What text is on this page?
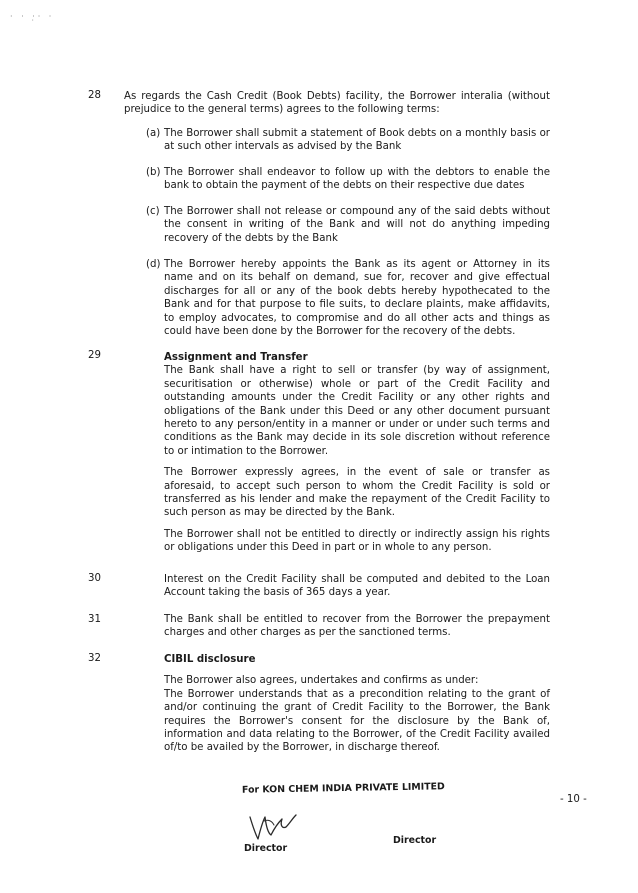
· · ·̣· ·
28 As regards the Cash Credit (Book Debts) facility, the Borrower interalia (without prejudice to the general terms) agrees to the following terms:
(a) The Borrower shall submit a statement of Book debts on a monthly basis or at such other intervals as advised by the Bank
(b) The Borrower shall endeavor to follow up with the debtors to enable the bank to obtain the payment of the debts on their respective due dates
(c) The Borrower shall not release or compound any of the said debts without the consent in writing of the Bank and will not do anything impeding recovery of the debts by the Bank
(d) The Borrower hereby appoints the Bank as its agent or Attorney in its name and on its behalf on demand, sue for, recover and give effectual discharges for all or any of the book debts hereby hypothecated to the Bank and for that purpose to file suits, to declare plaints, make affidavits, to employ advocates, to compromise and do all other acts and things as could have been done by the Borrower for the recovery of the debts.
29	Assignment and Transfer

The Bank shall have a right to sell or transfer (by way of assignment, securitisation or otherwise) whole or part of the Credit Facility and outstanding amounts under the Credit Facility or any other rights and obligations of the Bank under this Deed or any other document pursuant hereto to any person/entity in a manner or under or under such terms and conditions as the Bank may decide in its sole discretion without reference to or intimation to the Borrower.

The Borrower expressly agrees, in the event of sale or transfer as aforesaid, to accept such person to whom the Credit Facility is sold or transferred as his lender and make the repayment of the Credit Facility to such person as may be directed by the Bank.

The Borrower shall not be entitled to directly or indirectly assign his rights or obligations under this Deed in part or in whole to any person.

30	Interest on the Credit Facility shall be computed and debited to the Loan Account taking the basis of 365 days a year.
31	The Bank shall be entitled to recover from the Borrower the prepayment charges and other charges as per the sanctioned terms.
32	CIBIL disclosure

The Borrower also agrees, undertakes and confirms as under:

The Borrower understands that as a precondition relating to the grant of and/or continuing the grant of Credit Facility to the Borrower, the Bank requires the Borrower's consent for the disclosure by the Bank of, information and data relating to the Borrower, of the Credit Facility availed of/to be availed by the Borrower, in discharge thereof.

For KON CHEM INDIA PRIVATE LIMITED
- 10 -
Director
Director
